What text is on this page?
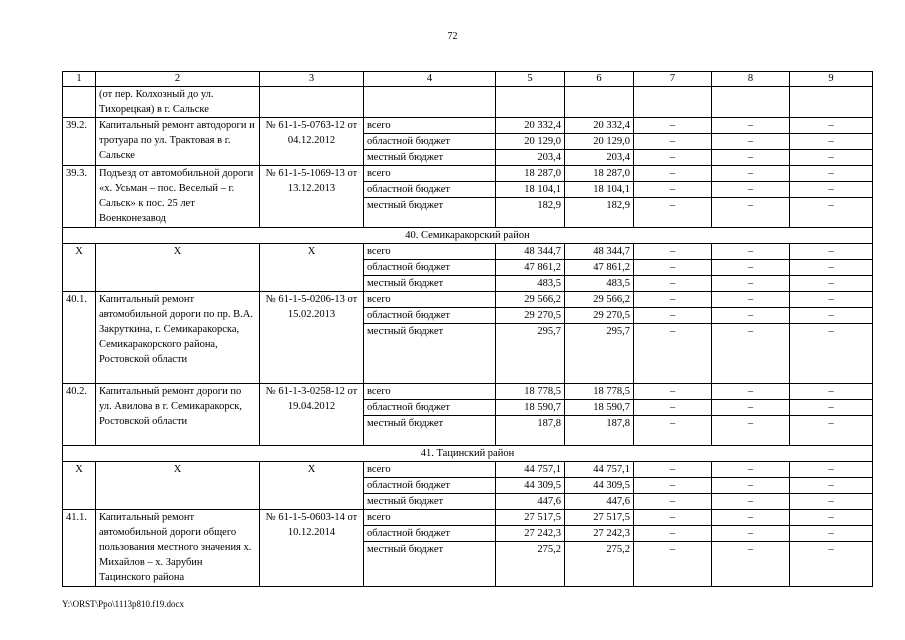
72
1	2	3	4	5	6	7	8	9
	(от пер. Колхозный до ул. Тихорецкая) в г. Сальске							
39.2.	Капитальный ремонт автодороги и тротуара по ул. Трактовая в г. Сальске	№ 61-1-5-0763-12 от 04.12.2012	всего	20 332,4	20 332,4	–	–	–
			областной бюджет	20 129,0	20 129,0	–	–	–
			местный бюджет	203,4	203,4	–	–	–
39.3.	Подъезд от автомобильной дороги «х. Усьман – пос. Веселый – г. Сальск» к пос. 25 лет Военконезавод	№ 61-1-5-1069-13 от 13.12.2013	всего	18 287,0	18 287,0	–	–	–
			областной бюджет	18 104,1	18 104,1	–	–	–
			местный бюджет	182,9	182,9	–	–	–
40. Семикаракорский район								
Х	Х	Х	всего	48 344,7	48 344,7	–	–	–
			областной бюджет	47 861,2	47 861,2	–	–	–
			местный бюджет	483,5	483,5	–	–	–
40.1.	Капитальный ремонт автомобильной дороги по пр. В.А. Закруткина, г. Семикаракорска, Семикаракорского района, Ростовской области	№ 61-1-5-0206-13 от 15.02.2013	всего	29 566,2	29 566,2	–	–	–
			областной бюджет	29 270,5	29 270,5	–	–	–
			местный бюджет	295,7	295,7	–	–	–
40.2.	Капитальный ремонт дороги по ул. Авилова в г. Семикаракорск, Ростовской области	№ 61-1-3-0258-12 от 19.04.2012	всего	18 778,5	18 778,5	–	–	–
			областной бюджет	18 590,7	18 590,7	–	–	–
			местный бюджет	187,8	187,8	–	–	–
41. Тацинский район								
Х	Х	Х	всего	44 757,1	44 757,1	–	–	–
			областной бюджет	44 309,5	44 309,5	–	–	–
			местный бюджет	447,6	447,6	–	–	–
41.1.	Капитальный ремонт автомобильной дороги общего пользования местного значения х. Михайлов – х. Зарубин Тацинского района	№ 61-1-5-0603-14 от 10.12.2014	всего	27 517,5	27 517,5	–	–	–
			областной бюджет	27 242,3	27 242,3	–	–	–
			местный бюджет	275,2	275,2	–	–	–
Y:\ORST\Ppo\1113p810.f19.docx
